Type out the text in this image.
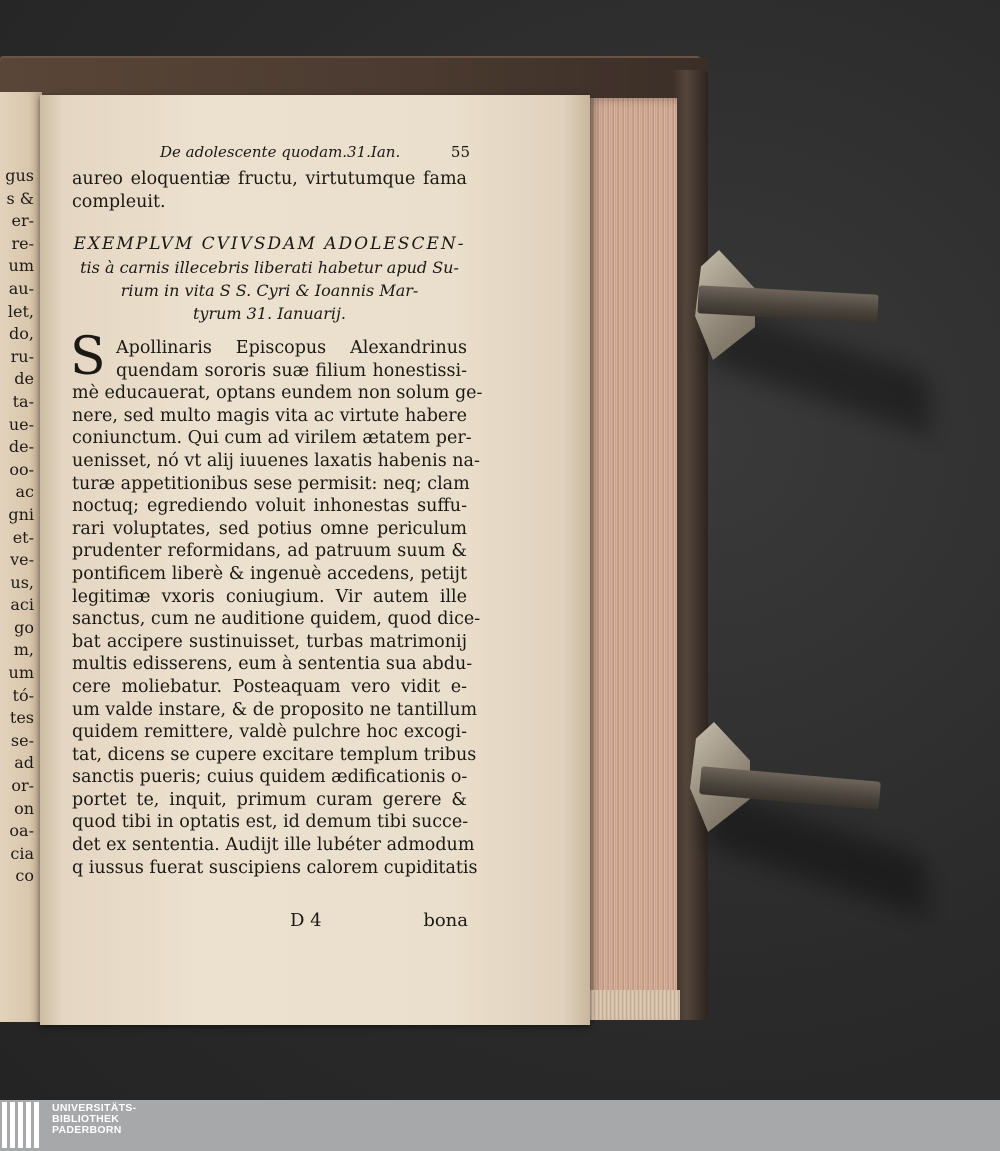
gus
s &
er-
re-
um
au-
let,
do,
ru-
de
ta-
ue-
de-
oo-
ac
gni
et-
ve-
us,
aci
go
m,
um
tó-
tes
se-
ad
or-
on
oa-
cia
co
De adolescente quodam.31.Ian.	55
aureo eloquentiæ fructu, virtutumque fama
compleuit.
EXEMPLVM CVIVSDAM ADOLESCEN-
tis à carnis illecebris liberati habetur apud Su-
rium in vita S S. Cyri & Ioannis Mar-
tyrum 31. Ianuarij.
S Apollinaris Episcopus Alexandrinus
quendam sororis suæ filium honestissi-
mè educauerat, optans eundem non solum ge-
nere, sed multo magis vita ac virtute habere
coniunctum. Qui cum ad virilem ætatem per-
uenisset, nó vt alij iuuenes laxatis habenis na-
turæ appetitionibus sese permisit: neq; clam
noctuq; egrediendo voluit inhonestas suffu-
rari voluptates, sed potius omne periculum
prudenter reformidans, ad patruum suum &
pontificem liberè & ingenuè accedens, petijt
legitimæ vxoris coniugium. Vir autem ille
sanctus, cum ne auditione quidem, quod dice-
bat accipere sustinuisset, turbas matrimonij
multis edisserens, eum à sententia sua abdu-
cere moliebatur. Posteaquam vero vidit e-
um valde instare, & de proposito ne tantillum
quidem remittere, valdè pulchre hoc excogi-
tat, dicens se cupere excitare templum tribus
sanctis pueris; cuius quidem ædificationis o-
portet te, inquit, primum curam gerere &
quod tibi in optatis est, id demum tibi succe-
det ex sententia. Audijt ille lubéter admodum
q iussus fuerat suscipiens calorem cupiditatis
D 4	bona
UNIVERSITÄTS-
BIBLIOTHEK
PADERBORN
